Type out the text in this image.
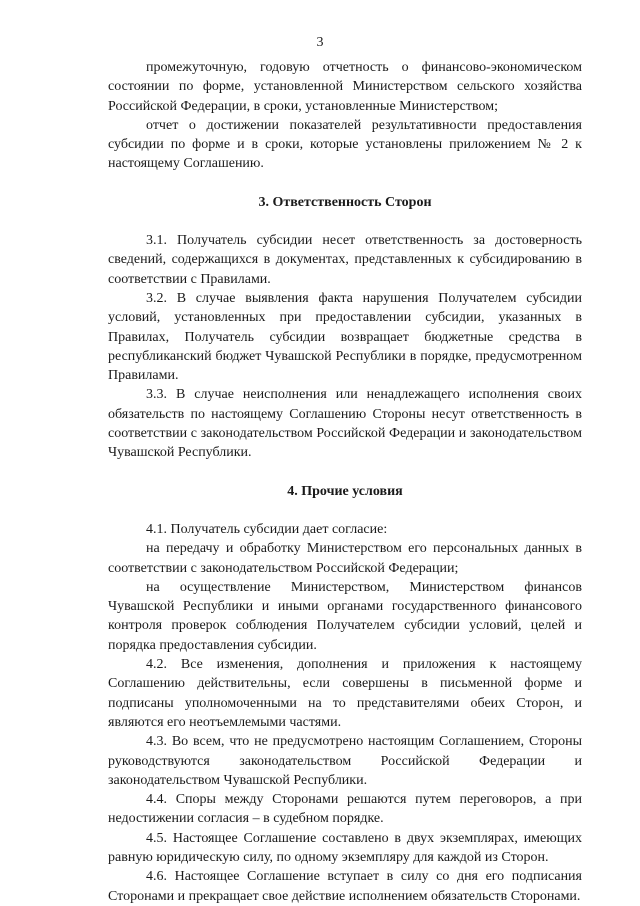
3

промежуточную, годовую отчетность о финансово-экономическом состоянии по форме, установленной Министерством сельского хозяйства Российской Федерации, в сроки, установленные Министерством;

отчет о достижении показателей результативности предоставления субсидии по форме и в сроки, которые установлены приложением № 2 к настоящему Соглашению.

3. Ответственность Сторон

3.1. Получатель субсидии несет ответственность за достоверность сведений, содержащихся в документах, представленных к субсидированию в соответствии с Правилами.

3.2. В случае выявления факта нарушения Получателем субсидии условий, установленных при предоставлении субсидии, указанных в Правилах, Получатель субсидии возвращает бюджетные средства в республиканский бюджет Чувашской Республики в порядке, предусмотренном Правилами.

3.3. В случае неисполнения или ненадлежащего исполнения своих обязательств по настоящему Соглашению Стороны несут ответственность в соответствии с законодательством Российской Федерации и законодательством Чувашской Республики.

4. Прочие условия

4.1. Получатель субсидии дает согласие:

на передачу и обработку Министерством его персональных данных в соответствии с законодательством Российской Федерации;

на осуществление Министерством, Министерством финансов Чувашской Республики и иными органами государственного финансового контроля проверок соблюдения Получателем субсидии условий, целей и порядка предоставления субсидии.

4.2. Все изменения, дополнения и приложения к настоящему Соглашению действительны, если совершены в письменной форме и подписаны уполномоченными на то представителями обеих Сторон, и являются его неотъемлемыми частями.

4.3. Во всем, что не предусмотрено настоящим Соглашением, Стороны руководствуются законодательством Российской Федерации и законодательством Чувашской Республики.

4.4. Споры между Сторонами решаются путем переговоров, а при недостижении согласия – в судебном порядке.

4.5. Настоящее Соглашение составлено в двух экземплярах, имеющих равную юридическую силу, по одному экземпляру для каждой из Сторон.

4.6. Настоящее Соглашение вступает в силу со дня его подписания Сторонами и прекращает свое действие исполнением обязательств Сторонами.
